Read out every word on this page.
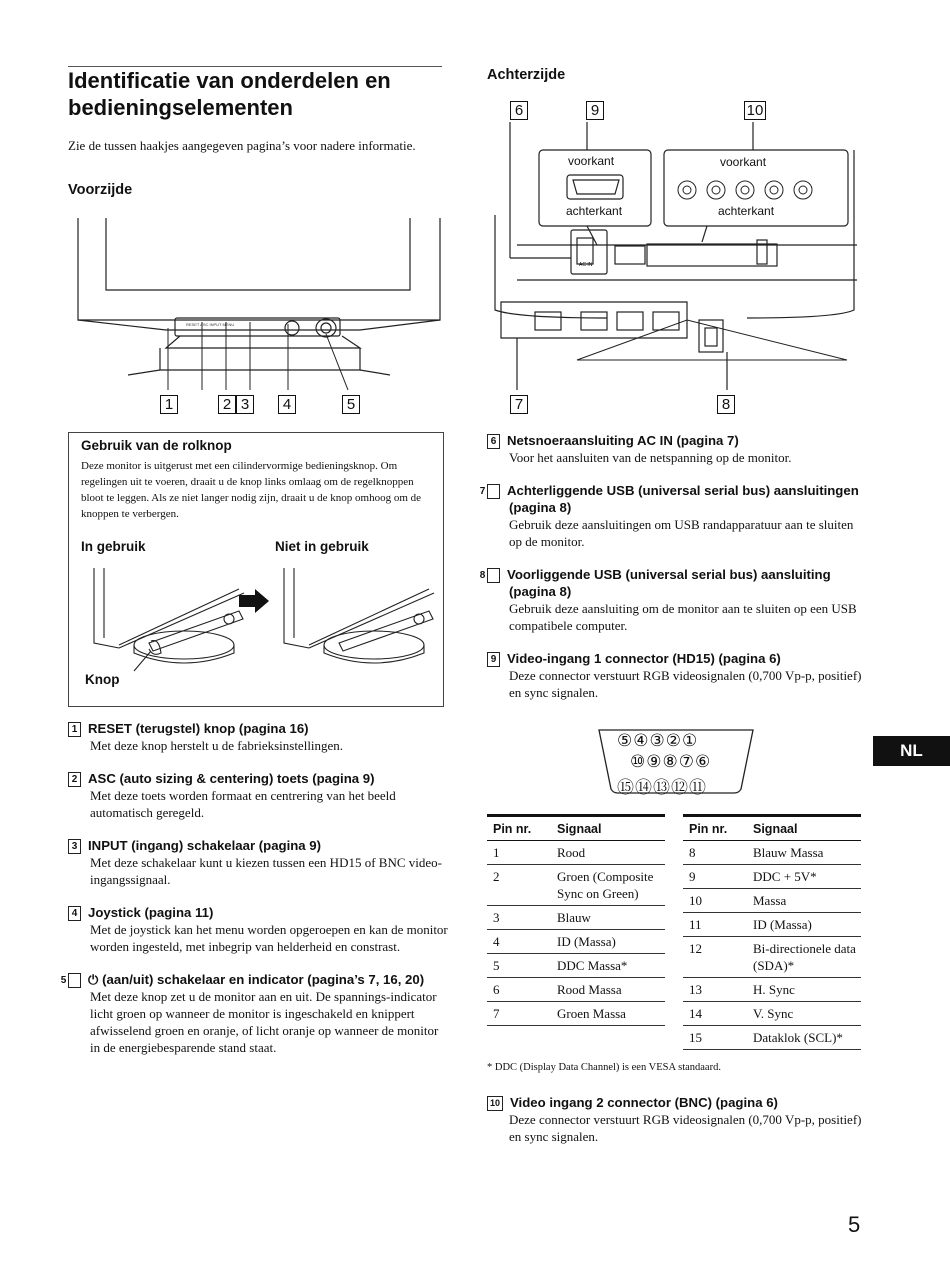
Identificatie van onderdelen en bedieningselementen
Zie de tussen haakjes aangegeven pagina’s voor nadere informatie.
Voorzijde
RESET ASC INPUT MENU
1	2 3	4	5
Gebruik van de rolknop
Deze monitor is uitgerust met een cilindervormige bedieningsknop. Om regelingen uit te voeren, draait u de knop links omlaag om de regelknoppen bloot te leggen. Als ze niet langer nodig zijn, draait u de knop omhoog om de knoppen te verbergen.
In gebruik	Niet in gebruik
Knop
1 RESET (terugstel) knop (pagina 16)
Met deze knop herstelt u de fabrieksinstellingen.
2 ASC (auto sizing & centering) toets (pagina 9)
Met deze toets worden formaat en centrering van het beeld automatisch geregeld.
3 INPUT (ingang) schakelaar (pagina 9)
Met deze schakelaar kunt u kiezen tussen een HD15 of BNC video-ingangssignaal.
4 Joystick (pagina 11)
Met de joystick kan het menu worden opgeroepen en kan de monitor worden ingesteld, met inbegrip van helderheid en constrast.
5 ⏻ (aan/uit) schakelaar en indicator (pagina’s 7, 16, 20)
Met deze knop zet u de monitor aan en uit. De spannings-indicator licht groen op wanneer de monitor is ingeschakeld en knippert afwisselend groen en oranje, of licht oranje op wanneer de monitor in de energiebesparende stand staat.
Achterzijde
6	9	10
voorkant
achterkant
voorkant
achterkant
AC IN
7	8
6 Netsnoeraansluiting AC IN (pagina 7)
Voor het aansluiten van de netspanning op de monitor.
7 Achterliggende USB (universal serial bus) aansluitingen (pagina 8)
Gebruik deze aansluitingen om USB randapparatuur aan te sluiten op de monitor.
8 Voorliggende USB (universal serial bus) aansluiting (pagina 8)
Gebruik deze aansluiting om de monitor aan te sluiten op een USB compatibele computer.
9 Video-ingang 1 connector (HD15) (pagina 6)
Deze connector verstuurt RGB videosignalen (0,700 Vp-p, positief) en sync signalen.
⑤④③②①
⑩⑨⑧⑦⑥
⑮⑭⑬⑫⑪
Pin nr.	Signaal
1	Rood
2	Groen (Composite Sync on Green)
3	Blauw
4	ID (Massa)
5	DDC Massa*
6	Rood Massa
7	Groen Massa
Pin nr.	Signaal
8	Blauw Massa
9	DDC + 5V*
10	Massa
11	ID (Massa)
12	Bi-directionele data (SDA)*
13	H. Sync
14	V. Sync
15	Dataklok (SCL)*
* DDC (Display Data Channel) is een VESA standaard.
10 Video ingang 2 connector (BNC) (pagina 6)
Deze connector verstuurt RGB videosignalen (0,700 Vp-p, positief) en sync signalen.
NL
5
